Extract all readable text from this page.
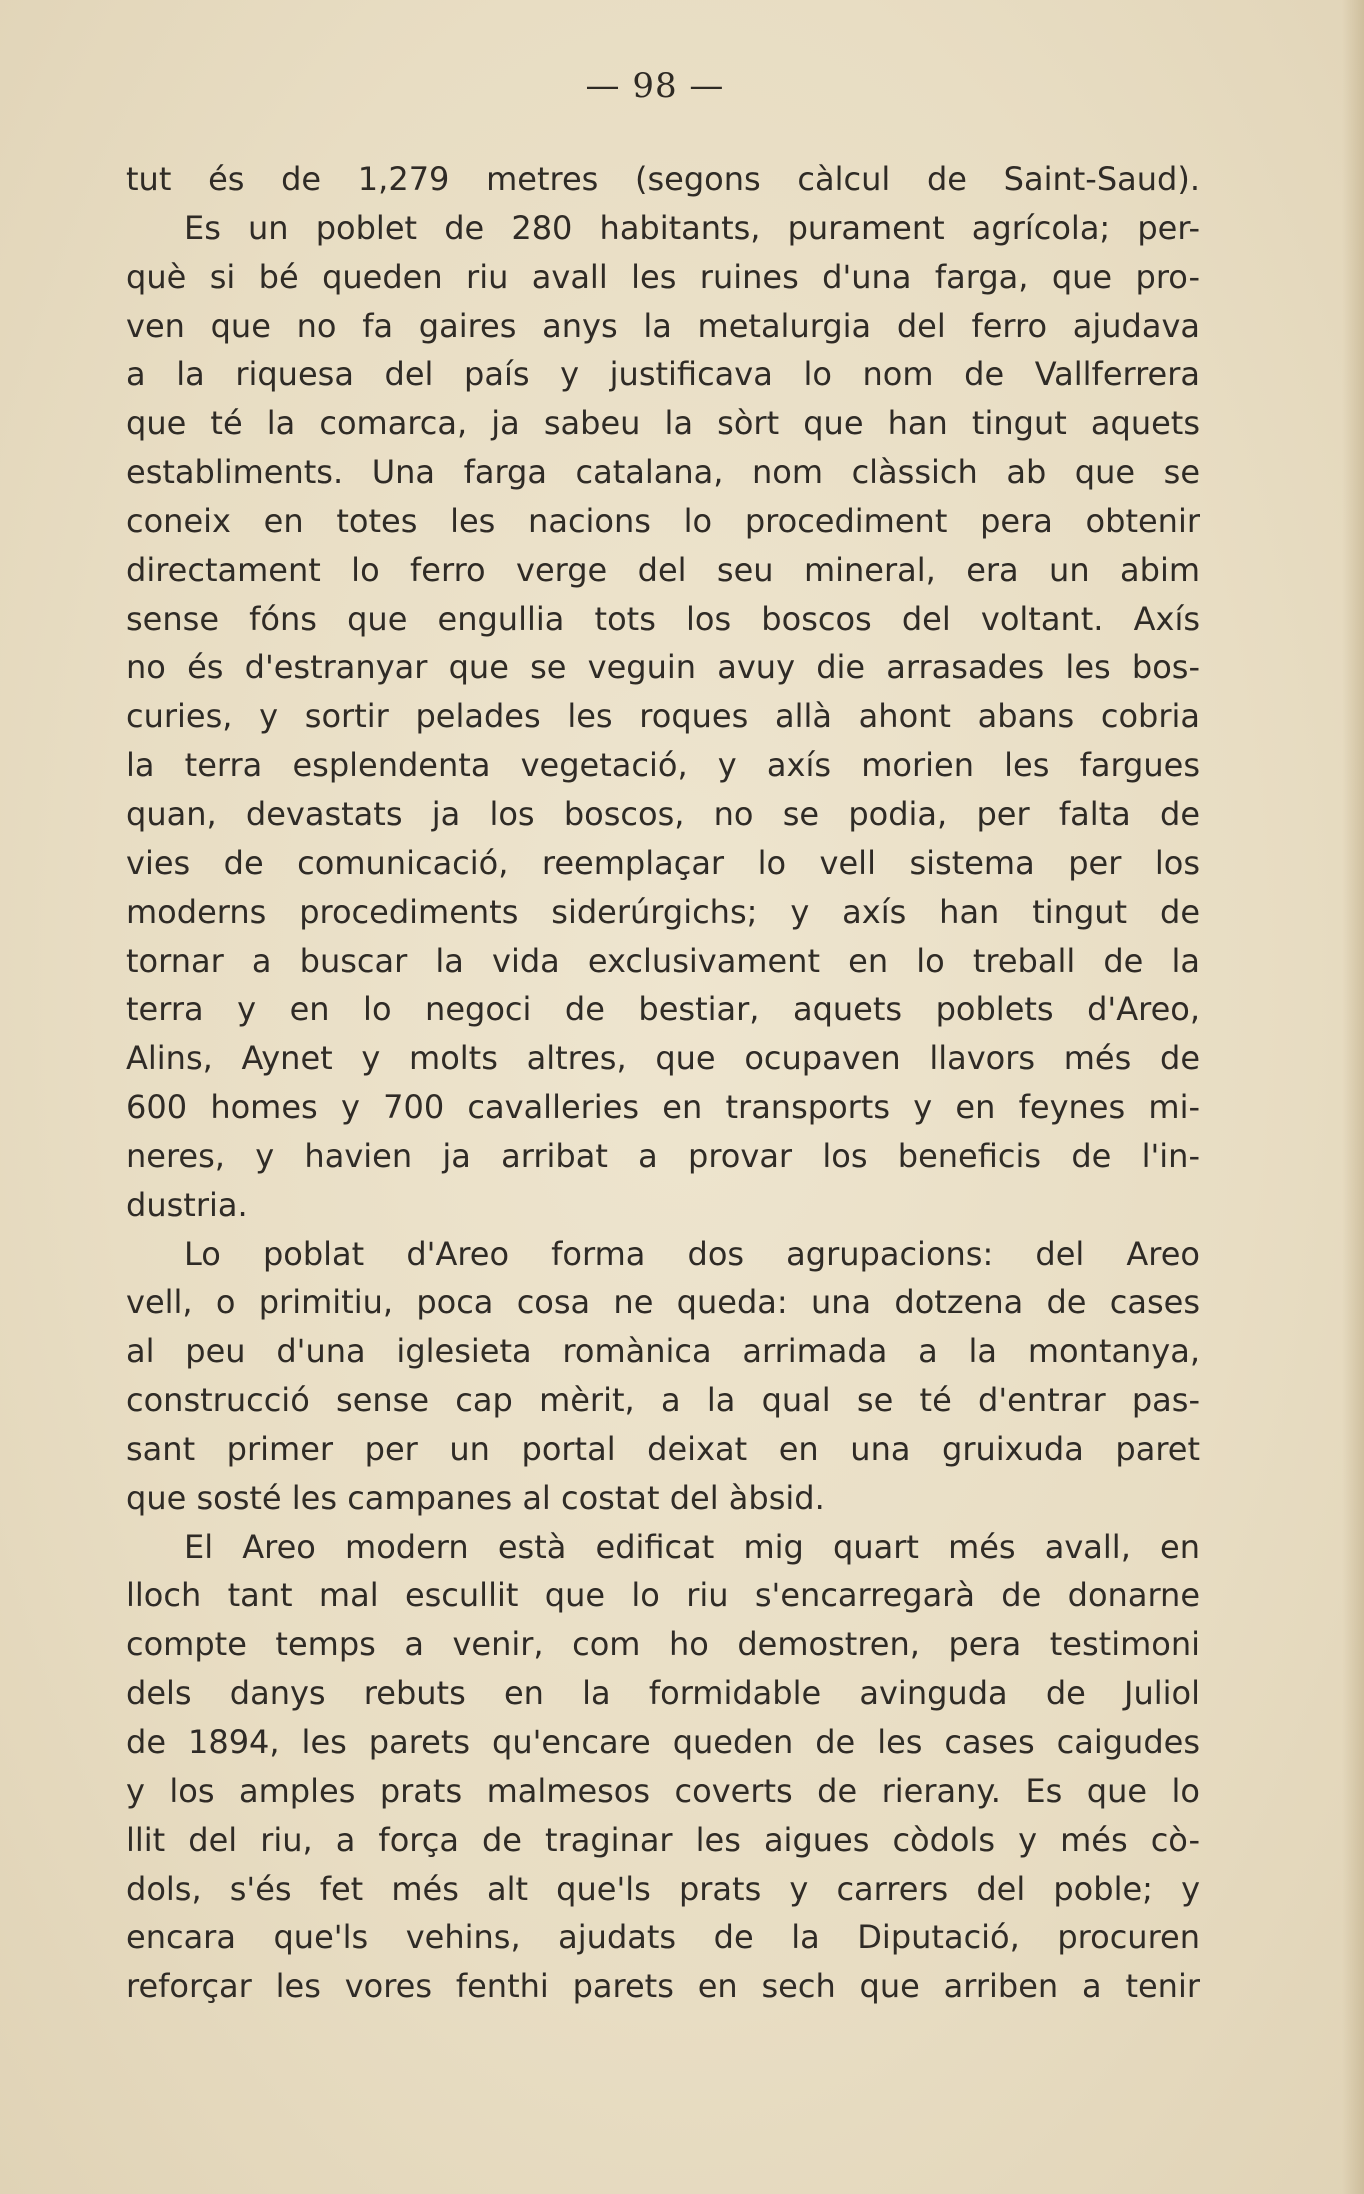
— 98 —
tut és de 1,279 metres (segons càlcul de Saint-Saud).
Es un poblet de 280 habitants, purament agrícola; per-
què si bé queden riu avall les ruines d'una farga, que pro-
ven que no fa gaires anys la metalurgia del ferro ajudava
a la riquesa del país y justificava lo nom de Vallferrera
que té la comarca, ja sabeu la sòrt que han tingut aquets
establiments. Una farga catalana, nom clàssich ab que se
coneix en totes les nacions lo procediment pera obtenir
directament lo ferro verge del seu mineral, era un abim
sense fóns que engullia tots los boscos del voltant. Axís
no és d'estranyar que se veguin avuy die arrasades les bos-
curies, y sortir pelades les roques allà ahont abans cobria
la terra esplendenta vegetació, y axís morien les fargues
quan, devastats ja los boscos, no se podia, per falta de
vies de comunicació, reemplaçar lo vell sistema per los
moderns procediments siderúrgichs; y axís han tingut de
tornar a buscar la vida exclusivament en lo treball de la
terra y en lo negoci de bestiar, aquets poblets d'Areo,
Alins, Aynet y molts altres, que ocupaven llavors més de
600 homes y 700 cavalleries en transports y en feynes mi-
neres, y havien ja arribat a provar los beneficis de l'in-
dustria.
Lo poblat d'Areo forma dos agrupacions: del Areo
vell, o primitiu, poca cosa ne queda: una dotzena de cases
al peu d'una iglesieta romànica arrimada a la montanya,
construcció sense cap mèrit, a la qual se té d'entrar pas-
sant primer per un portal deixat en una gruixuda paret
que sosté les campanes al costat del àbsid.
El Areo modern està edificat mig quart més avall, en
lloch tant mal escullit que lo riu s'encarregarà de donarne
compte temps a venir, com ho demostren, pera testimoni
dels danys rebuts en la formidable avinguda de Juliol
de 1894, les parets qu'encare queden de les cases caigudes
y los amples prats malmesos coverts de rierany. Es que lo
llit del riu, a força de traginar les aigues còdols y més cò-
dols, s'és fet més alt que'ls prats y carrers del poble; y
encara que'ls vehins, ajudats de la Diputació, procuren
reforçar les vores fenthi parets en sech que arriben a tenir
